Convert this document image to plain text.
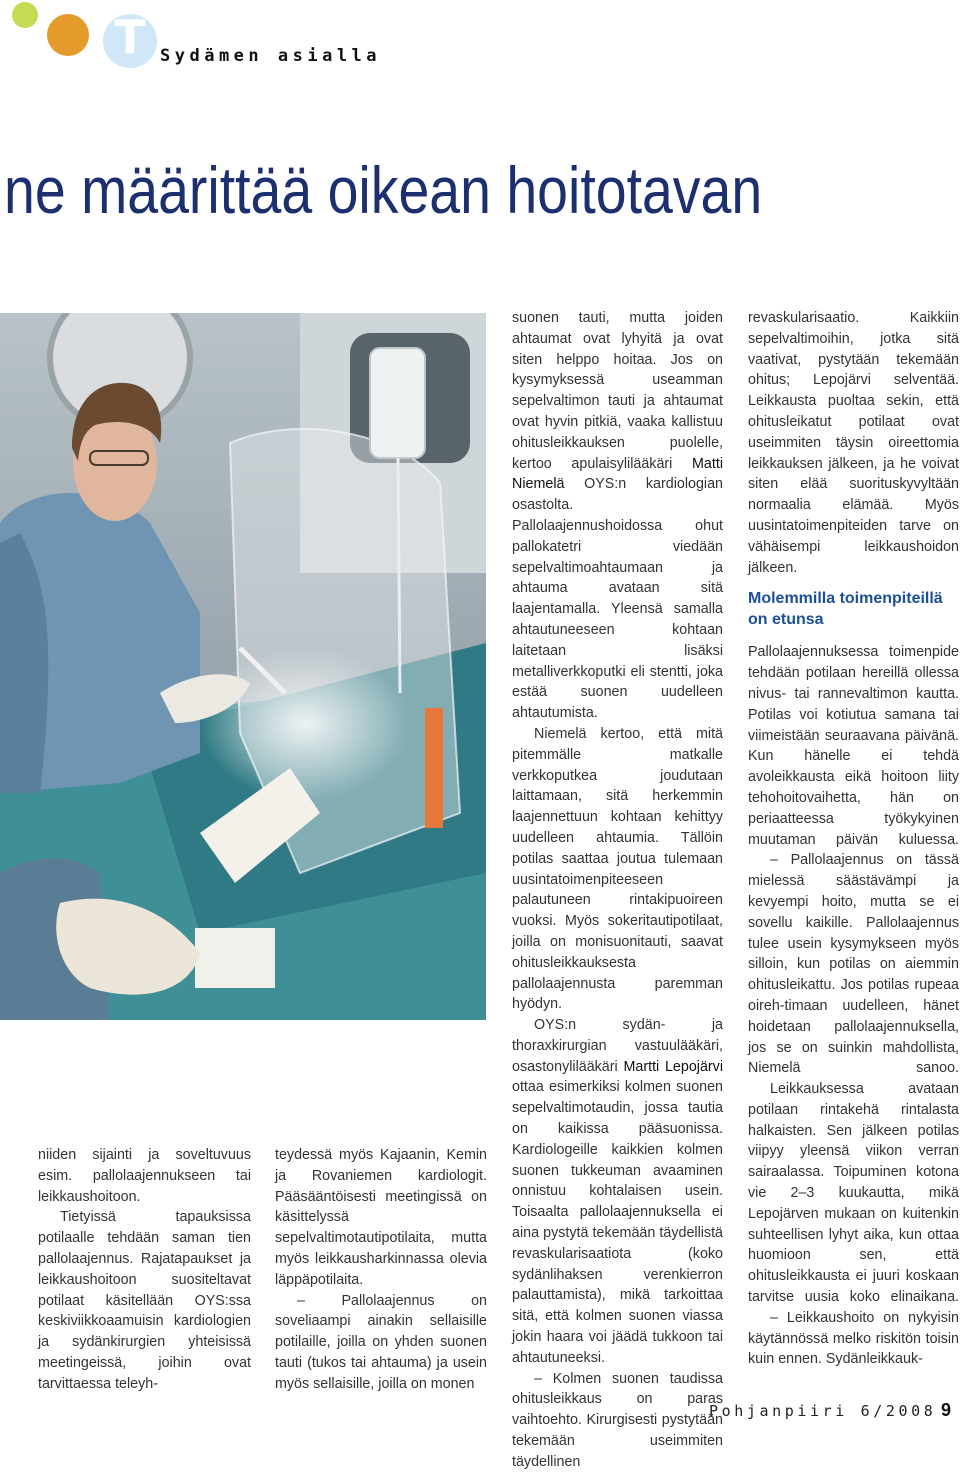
T Sydämen asialla
ne määrittää oikean hoitotavan

niiden sijainti ja soveltuvuus esim. pallolaajennukseen tai leikkaushoitoon.

Tietyissä tapauksissa potilaalle tehdään saman tien pallolaajennus. Rajatapaukset ja leikkaushoitoon suositeltavat potilaat käsitellään OYS:ssa keskiviikkoaamuisin kardiologien ja sydänkirurgien yhteisissä meetingeissä, joihin ovat tarvittaessa teleyh-

teydessä myös Kajaanin, Kemin ja Rovaniemen kardiologit. Pääsääntöisesti meetingissä on käsittelyssä sepelvaltimotautipotilaita, mutta myös leikkausharkinnassa olevia läppäpotilaita.

– Pallolaajennus on soveliaampi ainakin sellaisille potilaille, joilla on yhden suonen tauti (tukos tai ahtauma) ja usein myös sellaisille, joilla on monen

suonen tauti, mutta joiden ahtaumat ovat lyhyitä ja ovat siten helppo hoitaa. Jos on kysymyksessä useamman sepelvaltimon tauti ja ahtaumat ovat hyvin pitkiä, vaaka kallistuu ohitusleikkauksen puolelle, kertoo apulaisylilääkäri Matti Niemelä OYS:n kardiologian osastolta. Pallolaajennushoidossa ohut pallokatetri viedään sepelvaltimoahtaumaan ja ahtauma avataan sitä laajentamalla. Yleensä samalla ahtautuneeseen kohtaan laitetaan lisäksi metalliverkkoputki eli stentti, joka estää suonen uudelleen ahtautumista.

Niemelä kertoo, että mitä pitemmälle matkalle verkkoputkea joudutaan laittamaan, sitä herkemmin laajennettuun kohtaan kehittyy uudelleen ahtaumia. Tällöin potilas saattaa joutua tulemaan uusintatoimenpiteeseen palautuneen rintakipuoireen vuoksi. Myös sokeritautipotilaat, joilla on monisuonitauti, saavat ohitusleikkauksesta pallolaajennusta paremman hyödyn.

OYS:n sydän- ja thoraxkirurgian vastuulääkäri, osastonylilääkäri Martti Lepojärvi ottaa esimerkiksi kolmen suonen sepelvaltimotaudin, jossa tautia on kaikissa pääsuonissa. Kardiologeille kaikkien kolmen suonen tukkeuman avaaminen onnistuu kohtalaisen usein. Toisaalta pallolaajennuksella ei aina pystytä tekemään täydellistä revaskularisaatiota (koko sydänlihaksen verenkierron palauttamista), mikä tarkoittaa sitä, että kolmen suonen viassa jokin haara voi jäädä tukkoon tai ahtautuneeksi.

– Kolmen suonen taudissa ohitusleikkaus on paras vaihtoehto. Kirurgisesti pystytään tekemään useimmiten täydellinen

revaskularisaatio. Kaikkiin sepelvaltimoihin, jotka sitä vaativat, pystytään tekemään ohitus; Lepojärvi selventää. Leikkausta puoltaa sekin, että ohitusleikatut potilaat ovat useimmiten täysin oireettomia leikkauksen jälkeen, ja he voivat siten elää suorituskyvyltään normaalia elämää. Myös uusintatoimenpiteiden tarve on vähäisempi leikkaushoidon jälkeen.

Molemmilla toimenpiteillä on etunsa

Pallolaajennuksessa toimenpide tehdään potilaan hereillä ollessa nivus- tai rannevaltimon kautta. Potilas voi kotiutua samana tai viimeistään seuraavana päivänä. Kun hänelle ei tehdä avoleikkausta eikä hoitoon liity tehohoitovaihetta, hän on periaatteessa työkykyinen muutaman päivän kuluessa.

– Pallolaajennus on tässä mielessä säästävämpi ja kevyempi hoito, mutta se ei sovellu kaikille. Pallolaajennus tulee usein kysymykseen myös silloin, kun potilas on aiemmin ohitusleikattu. Jos potilas rupeaa oireh-timaan uudelleen, hänet hoidetaan pallolaajennuksella, jos se on suinkin mahdollista, Niemelä sanoo.

Leikkauksessa avataan potilaan rintakehä rintalasta halkaisten. Sen jälkeen potilas viipyy yleensä viikon verran sairaalassa. Toipuminen kotona vie 2–3 kuukautta, mikä Lepojärven mukaan on kuitenkin suhteellisen lyhyt aika, kun ottaa huomioon sen, että ohitusleikkausta ei juuri koskaan tarvitse uusia koko elinaikana.

– Leikkaushoito on nykyisin käytännössä melko riskitön toisin kuin ennen. Sydänleikkauk-

Pohjanpiiri 6/2008 9
